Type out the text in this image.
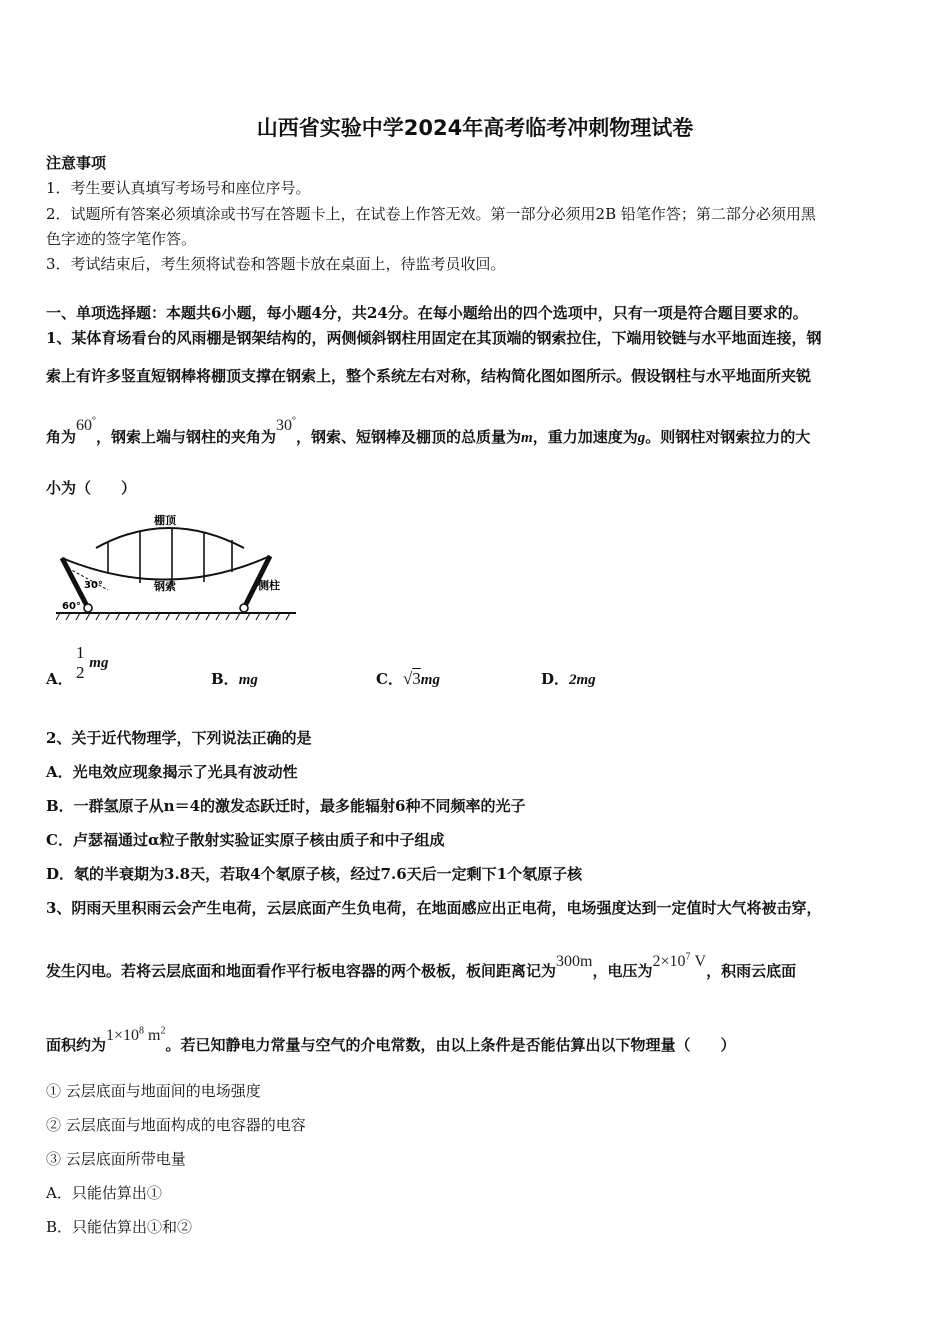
山西省实验中学2024年高考临考冲刺物理试卷
注意事项
1．考生要认真填写考场号和座位序号。
2．试题所有答案必须填涂或书写在答题卡上，在试卷上作答无效。第一部分必须用2B 铅笔作答；第二部分必须用黑
色字迹的签字笔作答。
3．考试结束后，考生须将试卷和答题卡放在桌面上，待监考员收回。
一、单项选择题：本题共6小题，每小题4分，共24分。在每小题给出的四个选项中，只有一项是符合题目要求的。
1、某体育场看台的风雨棚是钢架结构的，两侧倾斜钢柱用固定在其顶端的钢索拉住，下端用铰链与水平地面连接，钢
索上有许多竖直短钢棒将棚顶支撑在钢索上，整个系统左右对称，结构简化图如图所示。假设钢柱与水平地面所夹锐
角为60°，钢索上端与钢柱的夹角为30°，钢索、短钢棒及棚顶的总质量为m，重力加速度为g。则钢柱对钢索拉力的大
小为（　　）
棚顶
钢索	侧柱
30°
60°
A．
1
2 mg
B．mg	C．√3mg	D．2mg
2、关于近代物理学，下列说法正确的是
A．光电效应现象揭示了光具有波动性
B．一群氢原子从n＝4的激发态跃迁时，最多能辐射6种不同频率的光子
C．卢瑟福通过α粒子散射实验证实原子核由质子和中子组成
D．氡的半衰期为3.8天，若取4个氡原子核，经过7.6天后一定剩下1个氡原子核
3、阴雨天里积雨云会产生电荷，云层底面产生负电荷，在地面感应出正电荷，电场强度达到一定值时大气将被击穿，
发生闪电。若将云层底面和地面看作平行板电容器的两个极板，板间距离记为300m，电压为$2\times 10^7$ V，积雨云底面
面积约为$1\times 10^8$ $m^2$。若已知静电力常量与空气的介电常数，由以上条件是否能估算出以下物理量（　　）
① 云层底面与地面间的电场强度
② 云层底面与地面构成的电容器的电容
③ 云层底面所带电量
A．只能估算出①
B．只能估算出①和②
